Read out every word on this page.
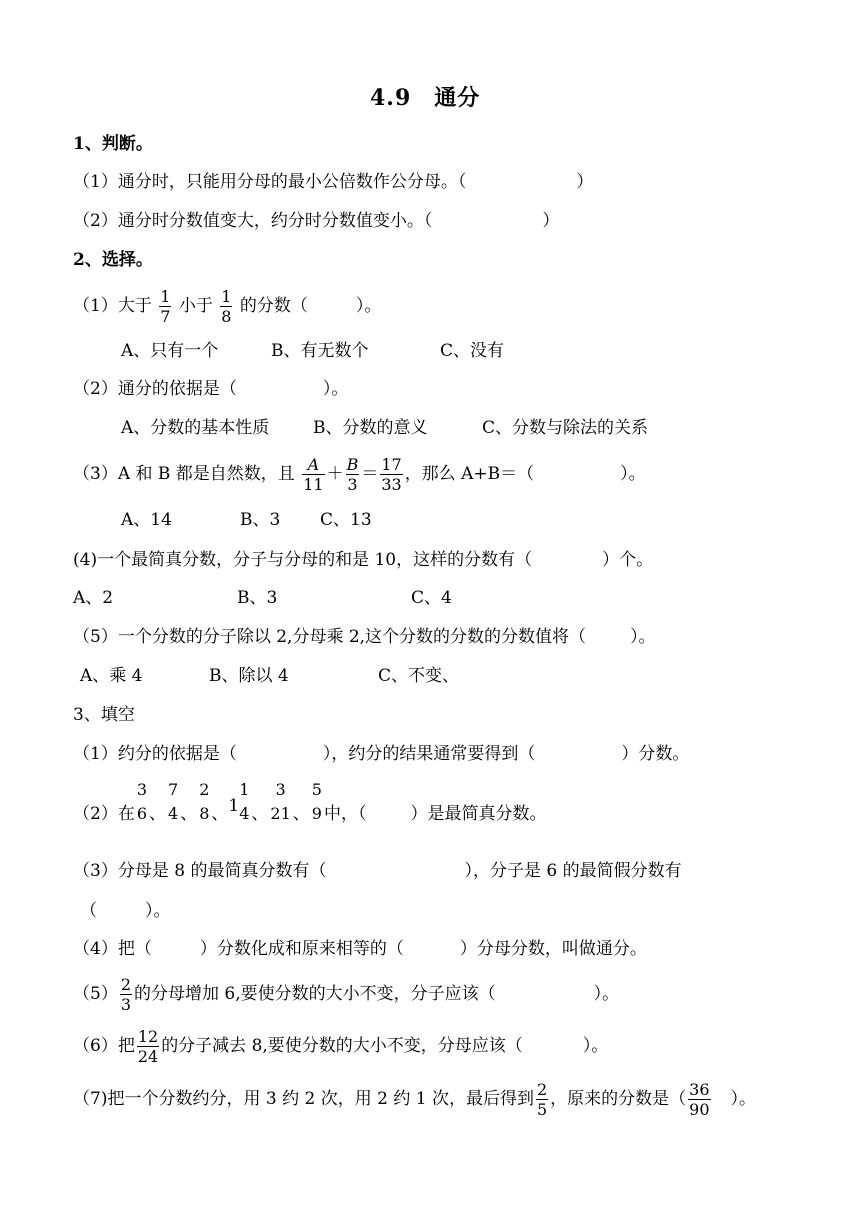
4.9　通分
1、判断。
（1）通分时，只能用分母的最小公倍数作公分母。（	）
（2）通分时分数值变大，约分时分数值变小。（	）
2、选择。
（1）大于 $\frac{1}{7}$ 小于 $\frac{1}{8}$ 的分数（	）。
A、只有一个	B、有无数个	C、没有
（2）通分的依据是（	）。
A、分数的基本性质	B、分数的意义	C、分数与除法的关系
（3）A 和 B 都是自然数，且 $\frac{A}{11} + \frac{B}{3} = \frac{17}{33}$ ，那么 A+B＝（	）。
A、14	B、3 C、13
(4)一个最简真分数，分子与分母的和是 10，这样的分数有（	）个。
A、2	B、3	C、4
（5）一个分数的分子除以 2,分母乘 2,这个分数的分数的分数值将（	）。
A、乘 4	B、除以 4	C、不变、
3、填空
（1）约分的依据是（	），约分的结果通常要得到（	）分数。
（2）在
3
6 、
7
4 、
2
8 、1
1
4 、
3
21 、
5
9 中，（	）是最简真分数。
（3）分母是 8 的最简真分数有（	），分子是 6 的最简假分数有
（	）。
（4）把（	）分数化成和原来相等的（	）分母分数，叫做通分。
$(5) \frac{2}{3}$ 的分母增加 6,要使分数的大小不变，分子应该（	）。
（6）把 $\frac{12}{24}$ 的分子减去 8,要使分数的大小不变，分母应该（	）。
（7)把一个分数约分，用 3 约 2 次，用 2 约 1 次，最后得到 $\frac{2}{5}$ ，原来的分数是（ $\frac{36}{90}$ ）。
